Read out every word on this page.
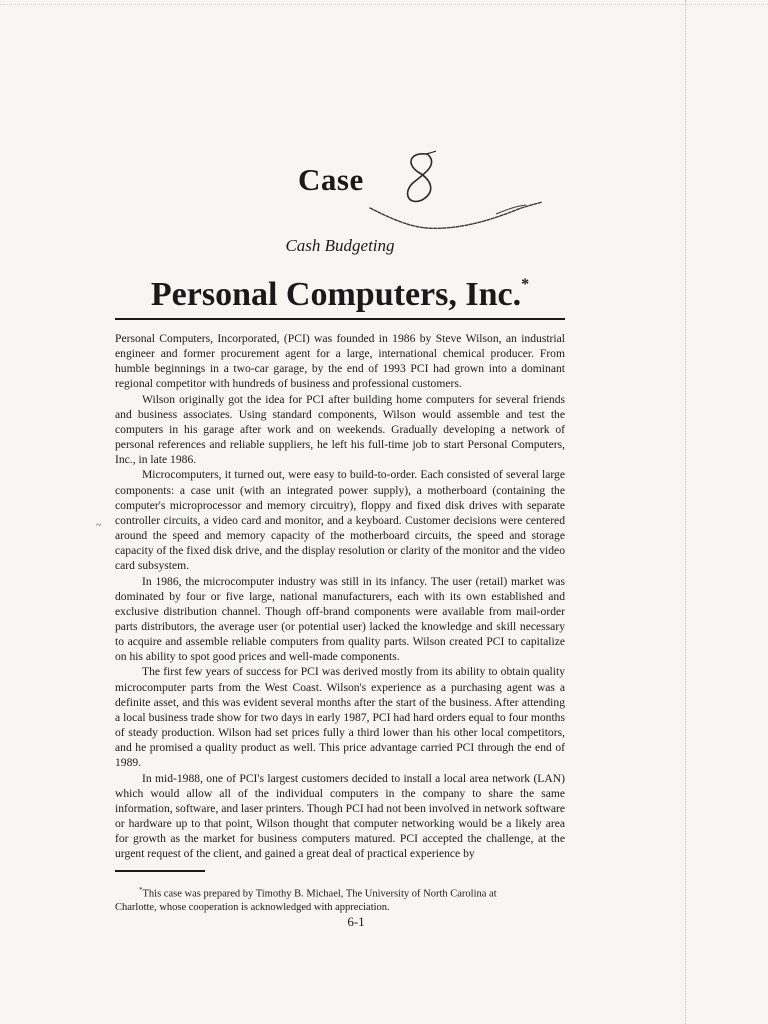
Case
Cash Budgeting
Personal Computers, Inc.*

Personal Computers, Incorporated, (PCI) was founded in 1986 by Steve Wilson, an industrial engineer and former procurement agent for a large, international chemical producer. From humble beginnings in a two-car garage, by the end of 1993 PCI had grown into a dominant regional competitor with hundreds of business and professional customers.

Wilson originally got the idea for PCI after building home computers for several friends and business associates. Using standard components, Wilson would assemble and test the computers in his garage after work and on weekends. Gradually developing a network of personal references and reliable suppliers, he left his full-time job to start Personal Computers, Inc., in late 1986.

Microcomputers, it turned out, were easy to build-to-order. Each consisted of several large components: a case unit (with an integrated power supply), a motherboard (containing the computer's microprocessor and memory circuitry), floppy and fixed disk drives with separate controller circuits, a video card and monitor, and a keyboard. Customer decisions were centered around the speed and memory capacity of the motherboard circuits, the speed and storage capacity of the fixed disk drive, and the display resolution or clarity of the monitor and the video card subsystem.

In 1986, the microcomputer industry was still in its infancy. The user (retail) market was dominated by four or five large, national manufacturers, each with its own established and exclusive distribution channel. Though off-brand components were available from mail-order parts distributors, the average user (or potential user) lacked the knowledge and skill necessary to acquire and assemble reliable computers from quality parts. Wilson created PCI to capitalize on his ability to spot good prices and well-made components.

The first few years of success for PCI was derived mostly from its ability to obtain quality microcomputer parts from the West Coast. Wilson's experience as a purchasing agent was a definite asset, and this was evident several months after the start of the business. After attending a local business trade show for two days in early 1987, PCI had hard orders equal to four months of steady production. Wilson had set prices fully a third lower than his other local competitors, and he promised a quality product as well. This price advantage carried PCI through the end of 1989.

In mid-1988, one of PCI's largest customers decided to install a local area network (LAN) which would allow all of the individual computers in the company to share the same information, software, and laser printers. Though PCI had not been involved in network software or hardware up to that point, Wilson thought that computer networking would be a likely area for growth as the market for business computers matured. PCI accepted the challenge, at the urgent request of the client, and gained a great deal of practical experience by

~
*This case was prepared by Timothy B. Michael, The University of North Carolina at Charlotte, whose cooperation is acknowledged with appreciation.
6-1
